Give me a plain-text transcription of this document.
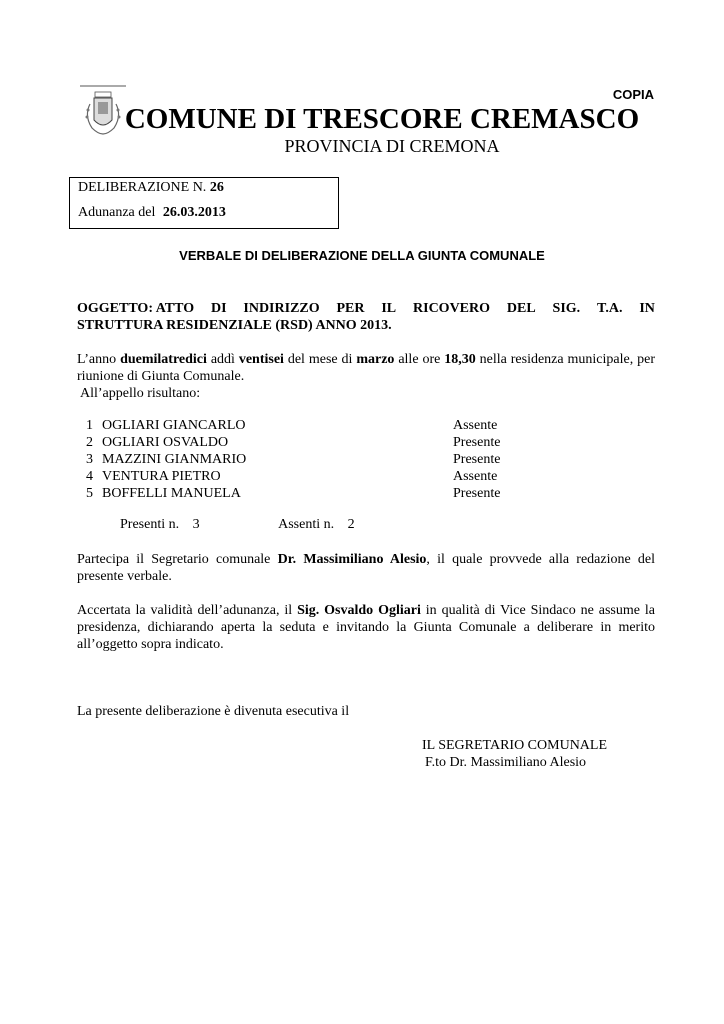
COPIA
COMUNE DI TRESCORE CREMASCO
PROVINCIA DI CREMONA
DELIBERAZIONE N. 26
Adunanza del 26.03.2013
VERBALE DI DELIBERAZIONE DELLA GIUNTA COMUNALE
OGGETTO: ATTO DI INDIRIZZO PER IL RICOVERO DEL SIG. T.A. IN
STRUTTURA RESIDENZIALE (RSD) ANNO 2013.
L’anno duemilatredici addì ventisei del mese di marzo alle ore 18,30 nella residenza municipale, per riunione di Giunta Comunale.
All’appello risultano:
1 OGLIARI GIANCARLO	Assente
2 OGLIARI OSVALDO	Presente
3 MAZZINI GIANMARIO	Presente
4 VENTURA PIETRO	Assente
5 BOFFELLI MANUELA	Presente
Presenti n. 3	Assenti n. 2
Partecipa il Segretario comunale Dr. Massimiliano Alesio, il quale provvede alla redazione del presente verbale.
Accertata la validità dell’adunanza, il Sig. Osvaldo Ogliari in qualità di Vice Sindaco ne assume la presidenza, dichiarando aperta la seduta e invitando la Giunta Comunale a deliberare in merito all’oggetto sopra indicato.
La presente deliberazione è divenuta esecutiva il
IL SEGRETARIO COMUNALE
F.to Dr. Massimiliano Alesio
